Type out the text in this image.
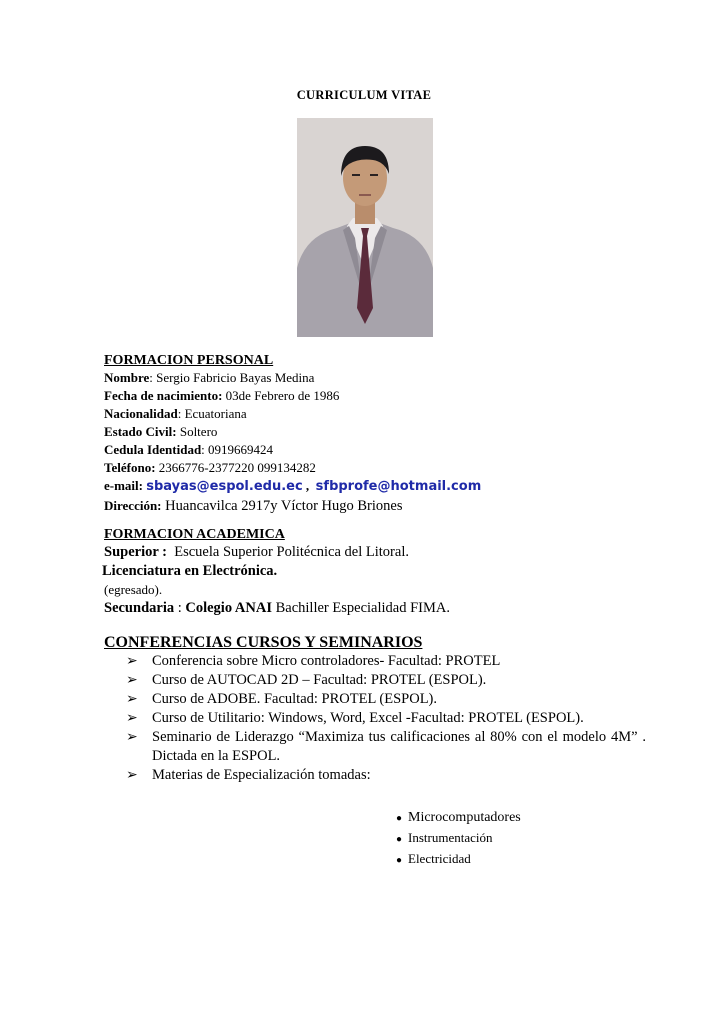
CURRICULUM VITAE
FORMACION PERSONAL
Nombre: Sergio Fabricio Bayas Medina
Fecha de nacimiento: 03de Febrero de 1986
Nacionalidad: Ecuatoriana
Estado Civil: Soltero
Cedula Identidad: 0919669424
Teléfono: 2366776-2377220 099134282
e-mail: sbayas@espol.edu.ec ,  sfbprofe@hotmail.com
Dirección: Huancavilca 2917y Víctor Hugo Briones
FORMACION ACADEMICA
Superior : Escuela Superior Politécnica del Litoral.
Licenciatura en Electrónica.
(egresado).
Secundaria : Colegio ANAI Bachiller Especialidad FIMA.
CONFERENCIAS CURSOS Y SEMINARIOS
➢ Conferencia sobre Micro controladores- Facultad: PROTEL
➢ Curso de AUTOCAD 2D – Facultad: PROTEL (ESPOL).
➢ Curso de ADOBE. Facultad: PROTEL (ESPOL).
➢ Curso de Utilitario: Windows, Word, Excel -Facultad: PROTEL (ESPOL).
➢ Seminario de Liderazgo “Maximiza tus calificaciones al 80% con el modelo 4M” . Dictada en la ESPOL.
➢ Materias de Especialización tomadas:
● Microcomputadores
● Instrumentación
● Electricidad
